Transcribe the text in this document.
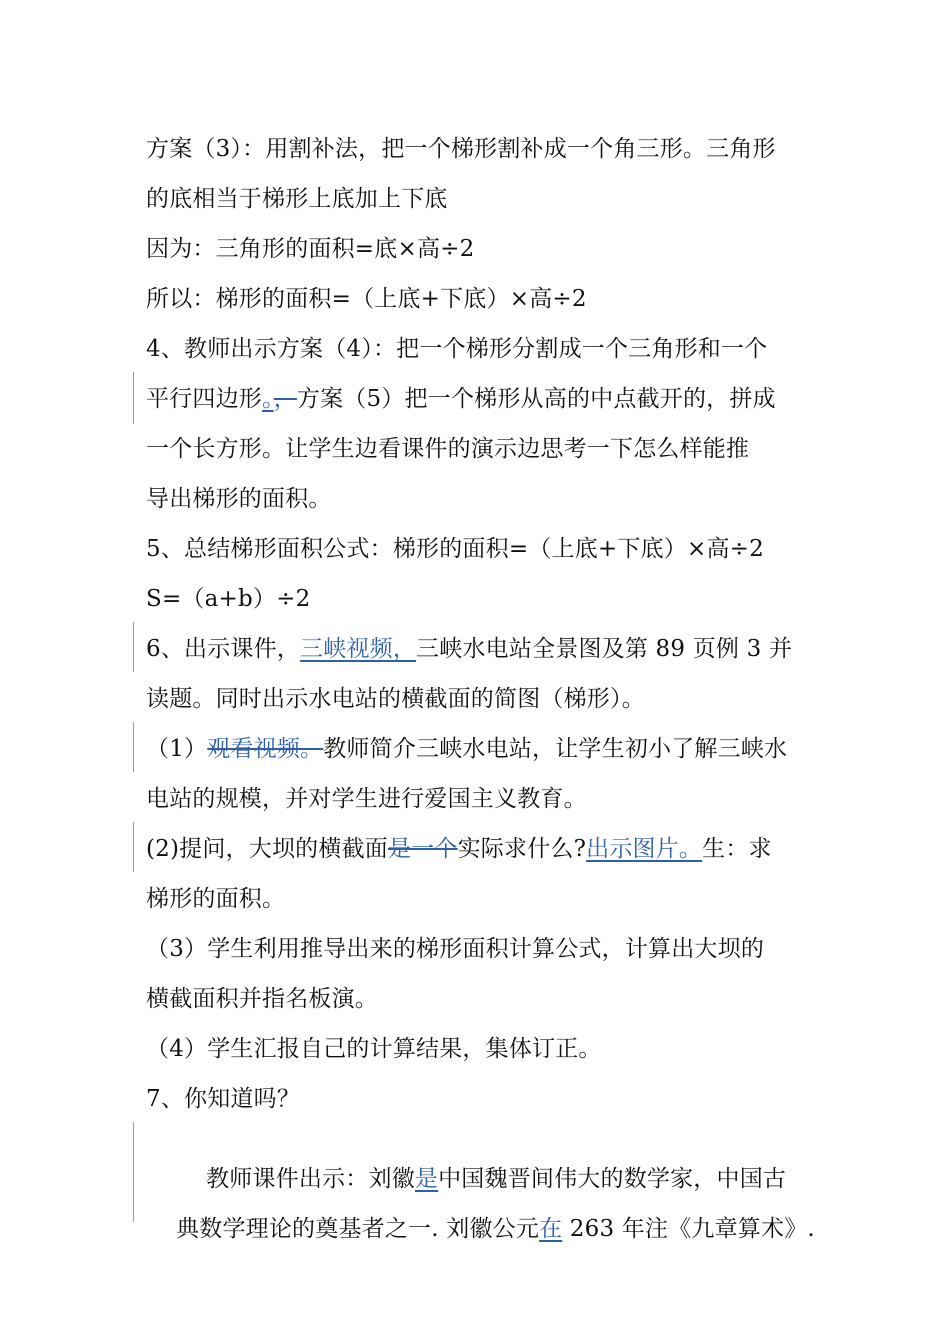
方案（3）：用割补法，把一个梯形割补成一个角三形。三角形
的底相当于梯形上底加上下底
因为：三角形的面积=底×高÷2
所以：梯形的面积=（上底+下底）×高÷2
4、教师出示方案（4）：把一个梯形分割成一个三角形和一个
平行四边形。，方案（5）把一个梯形从高的中点截开的，拼成
一个长方形。让学生边看课件的演示边思考一下怎么样能推
导出梯形的面积。
5、总结梯形面积公式：梯形的面积=（上底+下底）×高÷2
S=（a+b）÷2
6、出示课件，三峡视频，三峡水电站全景图及第 89 页例 3 并
读题。同时出示水电站的横截面的简图（梯形）。
（1）观看视频。教师简介三峡水电站，让学生初小了解三峡水
电站的规模，并对学生进行爱国主义教育。
(2)提问，大坝的横截面是一个实际求什么?出示图片。生：求
梯形的面积。
（3）学生利用推导出来的梯形面积计算公式，计算出大坝的
横截面积并指名板演。
（4）学生汇报自己的计算结果，集体订正。
7、你知道吗？

教师课件出示：刘徽是中国魏晋间伟大的数学家，中国古

典数学理论的奠基者之一. 刘徽公元在 263 年注《九章算术》.
